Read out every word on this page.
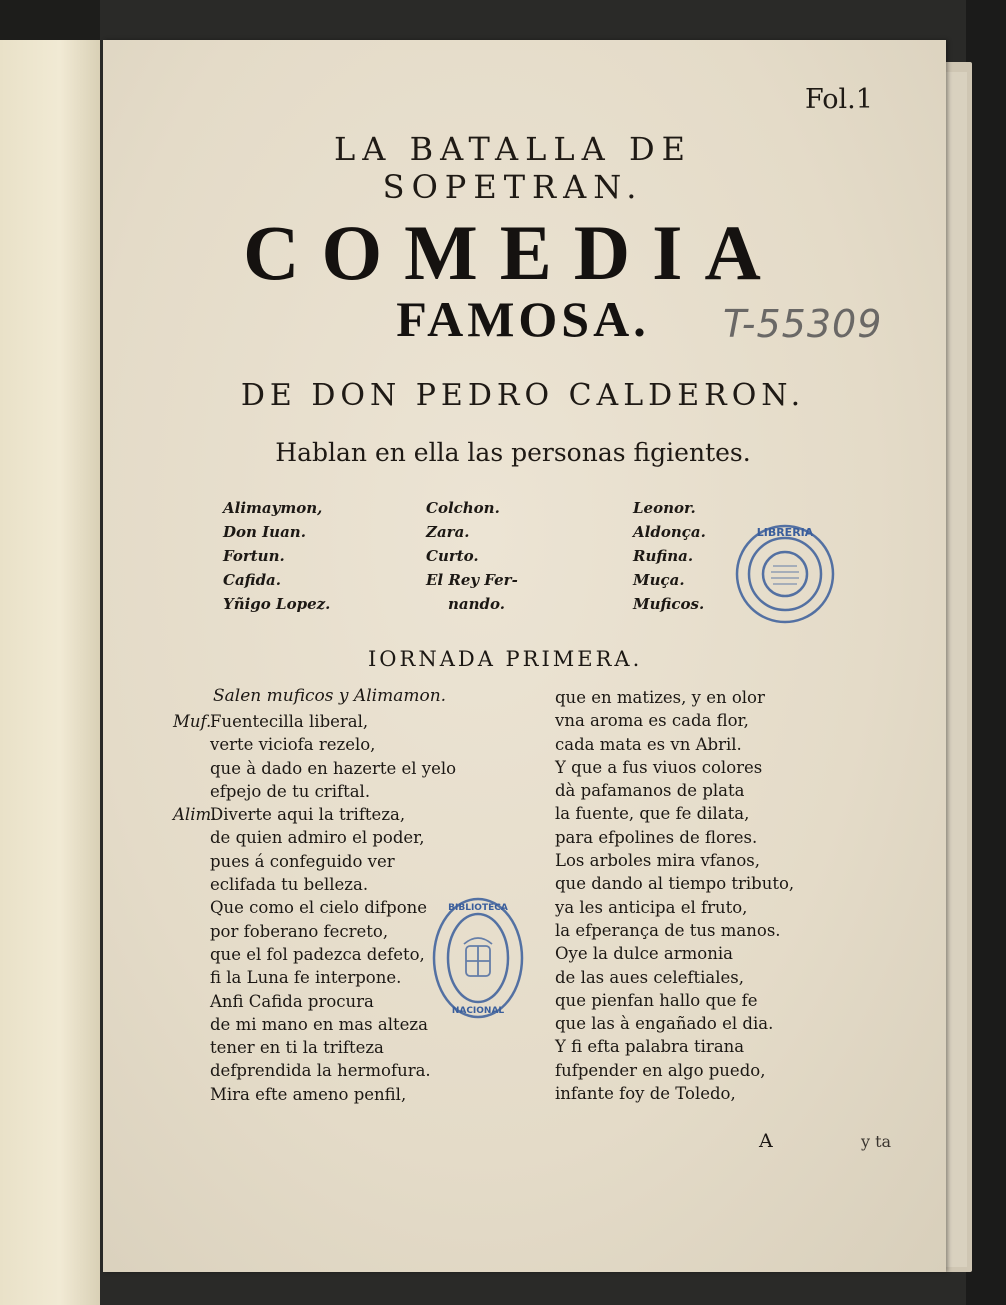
Fol.1
LA BATALLA DE SOPETRAN.
COMEDIA
FAMOSA.	T-55309
DE DON PEDRO CALDERON.
Hablan en ella las personas figientes.
Alimaymon,
Don Iuan.
Fortun.
Cafida.
Yñigo Lopez.
Colchon.
Zara.
Curto.
El Rey Fer-
nando.
Leonor.
Aldonça.
Rufina.
Muça.
Muficos.
LIBRERIA
IORNADA PRIMERA.
Salen muficos y Alimamon.
Muf.Fuentecilla liberal,
verte viciofa rezelo,
que à dado en hazerte el yelo
efpejo de tu criftal.
Alim.Diverte aqui la trifteza,
de quien admiro el poder,
pues á confeguido ver
eclifada tu belleza.
Que como el cielo difpone
por foberano fecreto,
que el fol padezca defeto,
fi la Luna fe interpone.
Anfi Cafida procura
de mi mano en mas alteza
tener en ti la trifteza
defprendida la hermofura.
Mira efte ameno penfil,
que en matizes, y en olor
vna aroma es cada flor,
cada mata es vn Abril.
Y que a fus viuos colores
dà pafamanos de plata
la fuente, que fe dilata,
para efpolines de flores.
Los arboles mira vfanos,
que dando al tiempo tributo,
ya les anticipa el fruto,
la efperança de tus manos.
Oye la dulce armonia
de las aues celeftiales,
que pienfan hallo que fe
que las à engañado el dia.
Y fi efta palabra tirana
fufpender en algo puedo,
infante foy de Toledo,
BIBLIOTECA
NACIONAL
A	y ta
